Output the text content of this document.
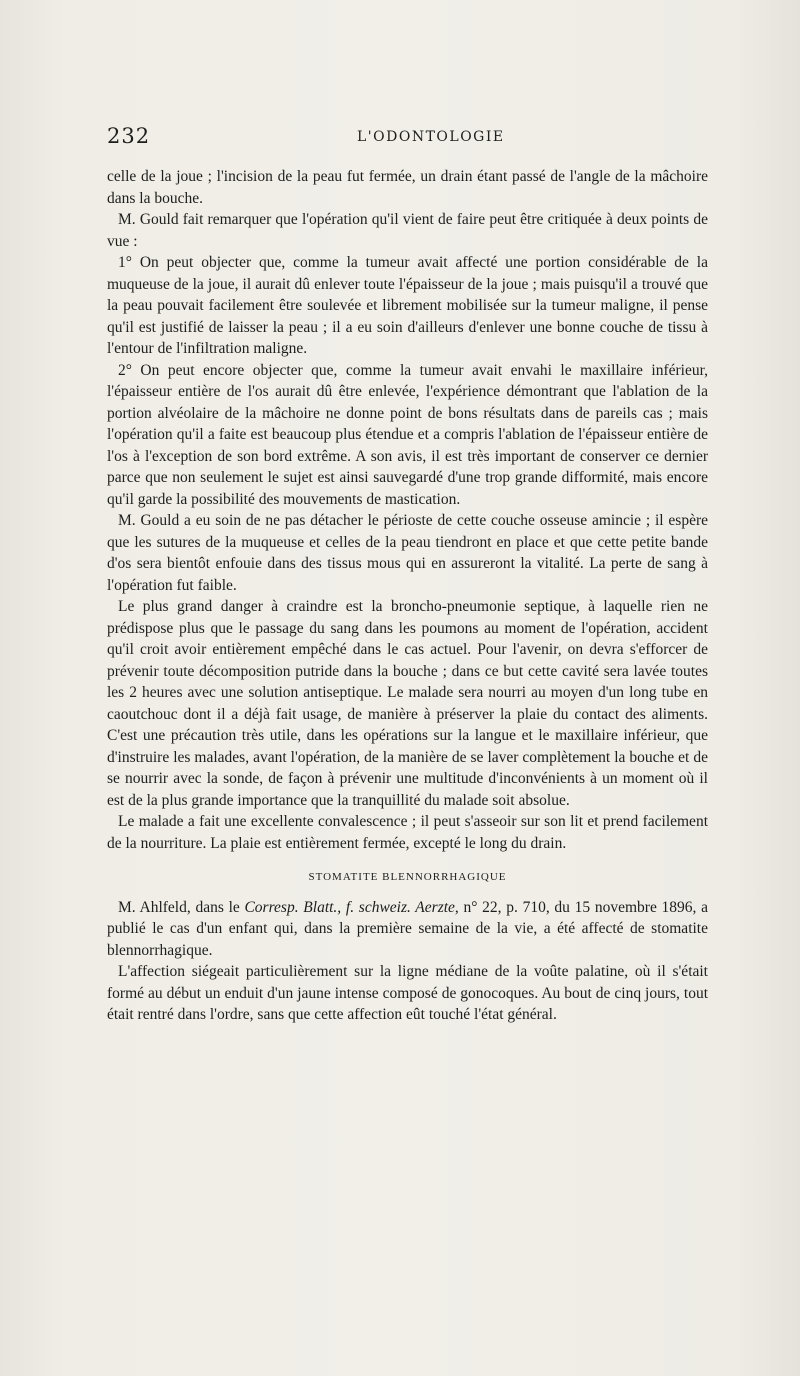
232	L'ODONTOLOGIE

celle de la joue ; l'incision de la peau fut fermée, un drain étant passé de l'angle de la mâchoire dans la bouche.

M. Gould fait remarquer que l'opération qu'il vient de faire peut être critiquée à deux points de vue :

1° On peut objecter que, comme la tumeur avait affecté une portion considérable de la muqueuse de la joue, il aurait dû enlever toute l'épaisseur de la joue ; mais puisqu'il a trouvé que la peau pouvait facilement être soulevée et librement mobilisée sur la tumeur maligne, il pense qu'il est justifié de laisser la peau ; il a eu soin d'ailleurs d'enlever une bonne couche de tissu à l'entour de l'infiltration maligne.

2° On peut encore objecter que, comme la tumeur avait envahi le maxillaire inférieur, l'épaisseur entière de l'os aurait dû être enlevée, l'expérience démontrant que l'ablation de la portion alvéolaire de la mâchoire ne donne point de bons résultats dans de pareils cas ; mais l'opération qu'il a faite est beaucoup plus étendue et a compris l'ablation de l'épaisseur entière de l'os à l'exception de son bord extrême. A son avis, il est très important de conserver ce dernier parce que non seulement le sujet est ainsi sauvegardé d'une trop grande difformité, mais encore qu'il garde la possibilité des mouvements de mastication.

M. Gould a eu soin de ne pas détacher le périoste de cette couche osseuse amincie ; il espère que les sutures de la muqueuse et celles de la peau tiendront en place et que cette petite bande d'os sera bientôt enfouie dans des tissus mous qui en assureront la vitalité. La perte de sang à l'opération fut faible.

Le plus grand danger à craindre est la broncho-pneumonie septique, à laquelle rien ne prédispose plus que le passage du sang dans les poumons au moment de l'opération, accident qu'il croit avoir entièrement empêché dans le cas actuel. Pour l'avenir, on devra s'efforcer de prévenir toute décomposition putride dans la bouche ; dans ce but cette cavité sera lavée toutes les 2 heures avec une solution antiseptique. Le malade sera nourri au moyen d'un long tube en caoutchouc dont il a déjà fait usage, de manière à préserver la plaie du contact des aliments. C'est une précaution très utile, dans les opérations sur la langue et le maxillaire inférieur, que d'instruire les malades, avant l'opération, de la manière de se laver complètement la bouche et de se nourrir avec la sonde, de façon à prévenir une multitude d'inconvénients à un moment où il est de la plus grande importance que la tranquillité du malade soit absolue.

Le malade a fait une excellente convalescence ; il peut s'asseoir sur son lit et prend facilement de la nourriture. La plaie est entièrement fermée, excepté le long du drain.

STOMATITE BLENNORRHAGIQUE

M. Ahlfeld, dans le Corresp. Blatt., f. schweiz. Aerzte, n° 22, p. 710, du 15 novembre 1896, a publié le cas d'un enfant qui, dans la première semaine de la vie, a été affecté de stomatite blennorrhagique.

L'affection siégeait particulièrement sur la ligne médiane de la voûte palatine, où il s'était formé au début un enduit d'un jaune intense composé de gonocoques. Au bout de cinq jours, tout était rentré dans l'ordre, sans que cette affection eût touché l'état général.
